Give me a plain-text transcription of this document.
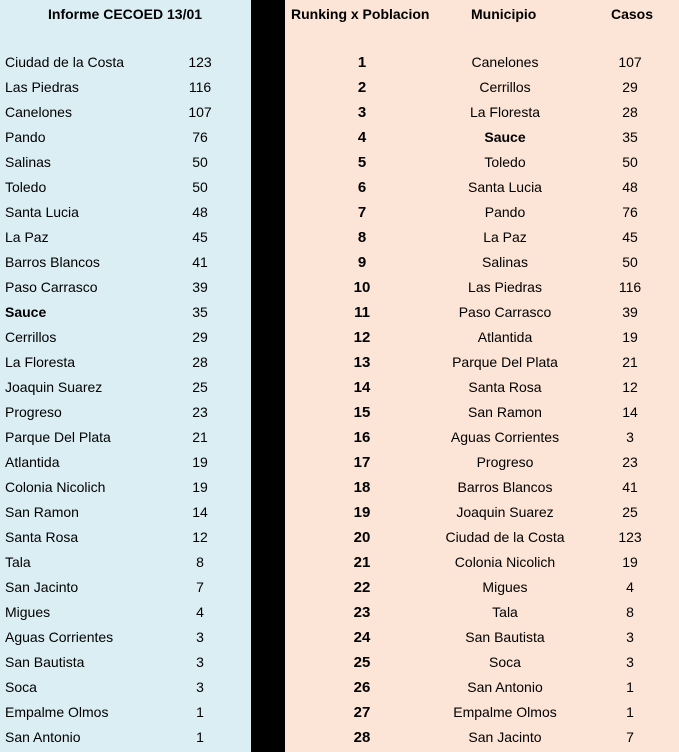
Informe CECOED 13/01
Ciudad de la Costa	123
Las Piedras	116
Canelones	107
Pando	76
Salinas	50
Toledo	50
Santa Lucia	48
La Paz	45
Barros Blancos	41
Paso Carrasco	39
Sauce	35
Cerrillos	29
La Floresta	28
Joaquin Suarez	25
Progreso	23
Parque Del Plata	21
Atlantida	19
Colonia Nicolich	19
San Ramon	14
Santa Rosa	12
Tala	8
San Jacinto	7
Migues	4
Aguas Corrientes	3
San Bautista	3
Soca	3
Empalme Olmos	1
San Antonio	1
Runking x Poblacion	Municipio	Casos
1	Canelones	107
2	Cerrillos	29
3	La Floresta	28
4	Sauce	35
5	Toledo	50
6	Santa Lucia	48
7	Pando	76
8	La Paz	45
9	Salinas	50
10	Las Piedras	116
11	Paso Carrasco	39
12	Atlantida	19
13	Parque Del Plata	21
14	Santa Rosa	12
15	San Ramon	14
16	Aguas Corrientes	3
17	Progreso	23
18	Barros Blancos	41
19	Joaquin Suarez	25
20	Ciudad de la Costa	123
21	Colonia Nicolich	19
22	Migues	4
23	Tala	8
24	San Bautista	3
25	Soca	3
26	San Antonio	1
27	Empalme Olmos	1
28	San Jacinto	7
